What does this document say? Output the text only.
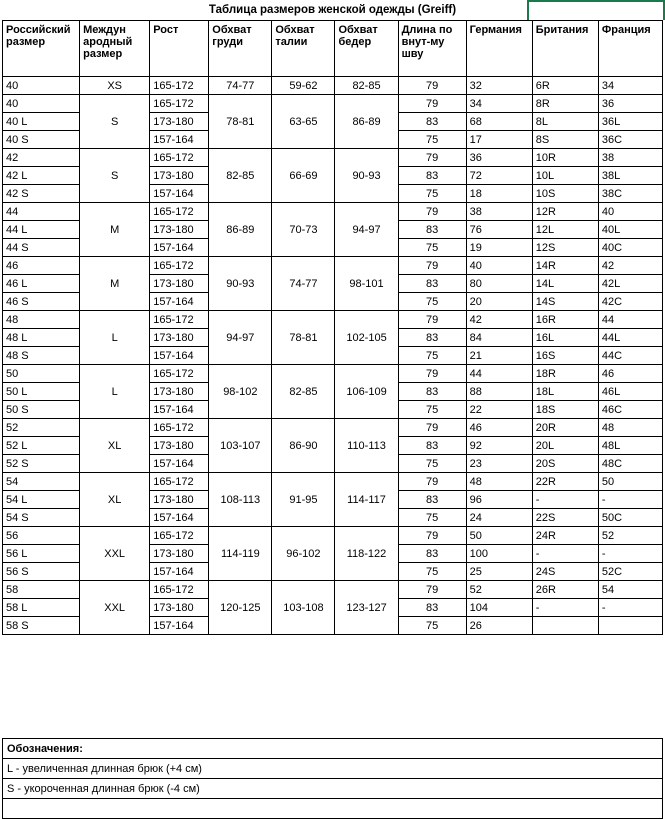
Таблица размеров женской одежды (Greiff)
Российский размер	Междун ародный размер	Рост	Обхват груди	Обхват талии	Обхват бедер	Длина по внут-му шву	Германия	Британия	Франция
40	XS	165-172	74-77	59-62	82-85	79	32	6R	34
40	S	165-172	78-81	63-65	86-89	79	34	8R	36
40 L		173-180				83	68	8L	36L
40 S		157-164				75	17	8S	36C
42	S	165-172	82-85	66-69	90-93	79	36	10R	38
42 L		173-180				83	72	10L	38L
42 S		157-164				75	18	10S	38C
44	M	165-172	86-89	70-73	94-97	79	38	12R	40
44 L		173-180				83	76	12L	40L
44 S		157-164				75	19	12S	40C
46	M	165-172	90-93	74-77	98-101	79	40	14R	42
46 L		173-180				83	80	14L	42L
46 S		157-164				75	20	14S	42C
48	L	165-172	94-97	78-81	102-105	79	42	16R	44
48 L		173-180				83	84	16L	44L
48 S		157-164				75	21	16S	44C
50	L	165-172	98-102	82-85	106-109	79	44	18R	46
50 L		173-180				83	88	18L	46L
50 S		157-164				75	22	18S	46C
52	XL	165-172	103-107	86-90	110-113	79	46	20R	48
52 L		173-180				83	92	20L	48L
52 S		157-164				75	23	20S	48C
54	XL	165-172	108-113	91-95	114-117	79	48	22R	50
54 L		173-180				83	96	-	-
54 S		157-164				75	24	22S	50C
56	XXL	165-172	114-119	96-102	118-122	79	50	24R	52
56 L		173-180				83	100	-	-
56 S		157-164				75	25	24S	52C
58	XXL	165-172	120-125	103-108	123-127	79	52	26R	54
58 L		173-180				83	104	-	-
58 S		157-164				75	26		
Обозначения:
L - увеличенная длинная брюк (+4 см)
S - укороченная длинная брюк (-4 см)
